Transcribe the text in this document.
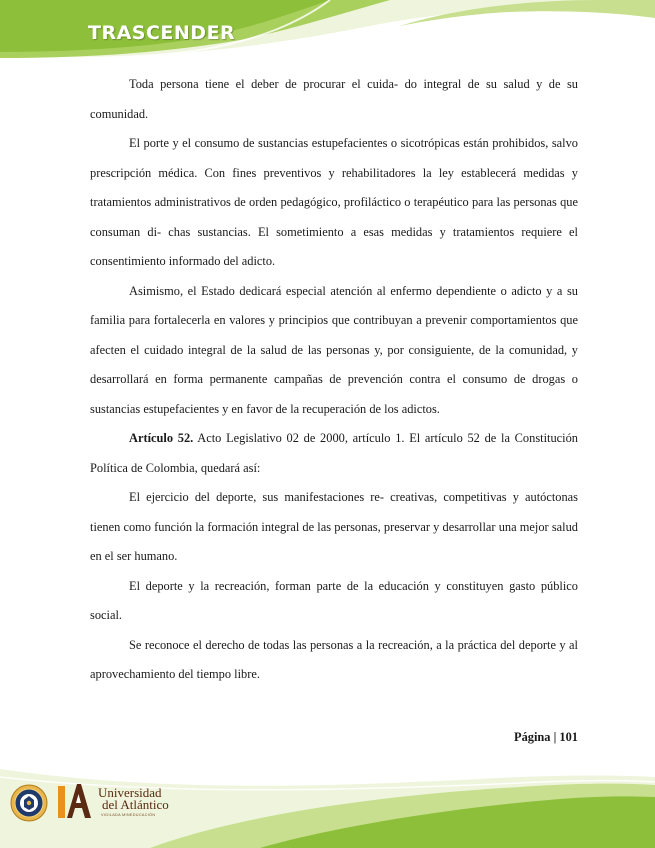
TRASCENDER

Toda persona tiene el deber de procurar el cuida- do integral de su salud y de su comunidad.

El porte y el consumo de sustancias estupefacientes o sicotrópicas están prohibidos, salvo prescripción médica. Con fines preventivos y rehabilitadores la ley establecerá medidas y tratamientos administrativos de orden pedagógico, profiláctico o terapéutico para las personas que consuman di- chas sustancias. El sometimiento a esas medidas y tratamientos requiere el consentimiento informado del adicto.

Asimismo, el Estado dedicará especial atención al enfermo dependiente o adicto y a su familia para fortalecerla en valores y principios que contribuyan a prevenir comportamientos que afecten el cuidado integral de la salud de las personas y, por consiguiente, de la comunidad, y desarrollará en forma permanente campañas de prevención contra el consumo de drogas o sustancias estupefacientes y en favor de la recuperación de los adictos.

Artículo 52. Acto Legislativo 02 de 2000, artículo 1. El artículo 52 de la Constitución Política de Colombia, quedará así:

El ejercicio del deporte, sus manifestaciones re- creativas, competitivas y autóctonas tienen como función la formación integral de las personas, preservar y desarrollar una mejor salud en el ser humano.

El deporte y la recreación, forman parte de la educación y constituyen gasto público social.

Se reconoce el derecho de todas las personas a la recreación, a la práctica del deporte y al aprovechamiento del tiempo libre.

Página | 101
Universidad
del Atlántico
VIGILADA MINEDUCACIÓN
